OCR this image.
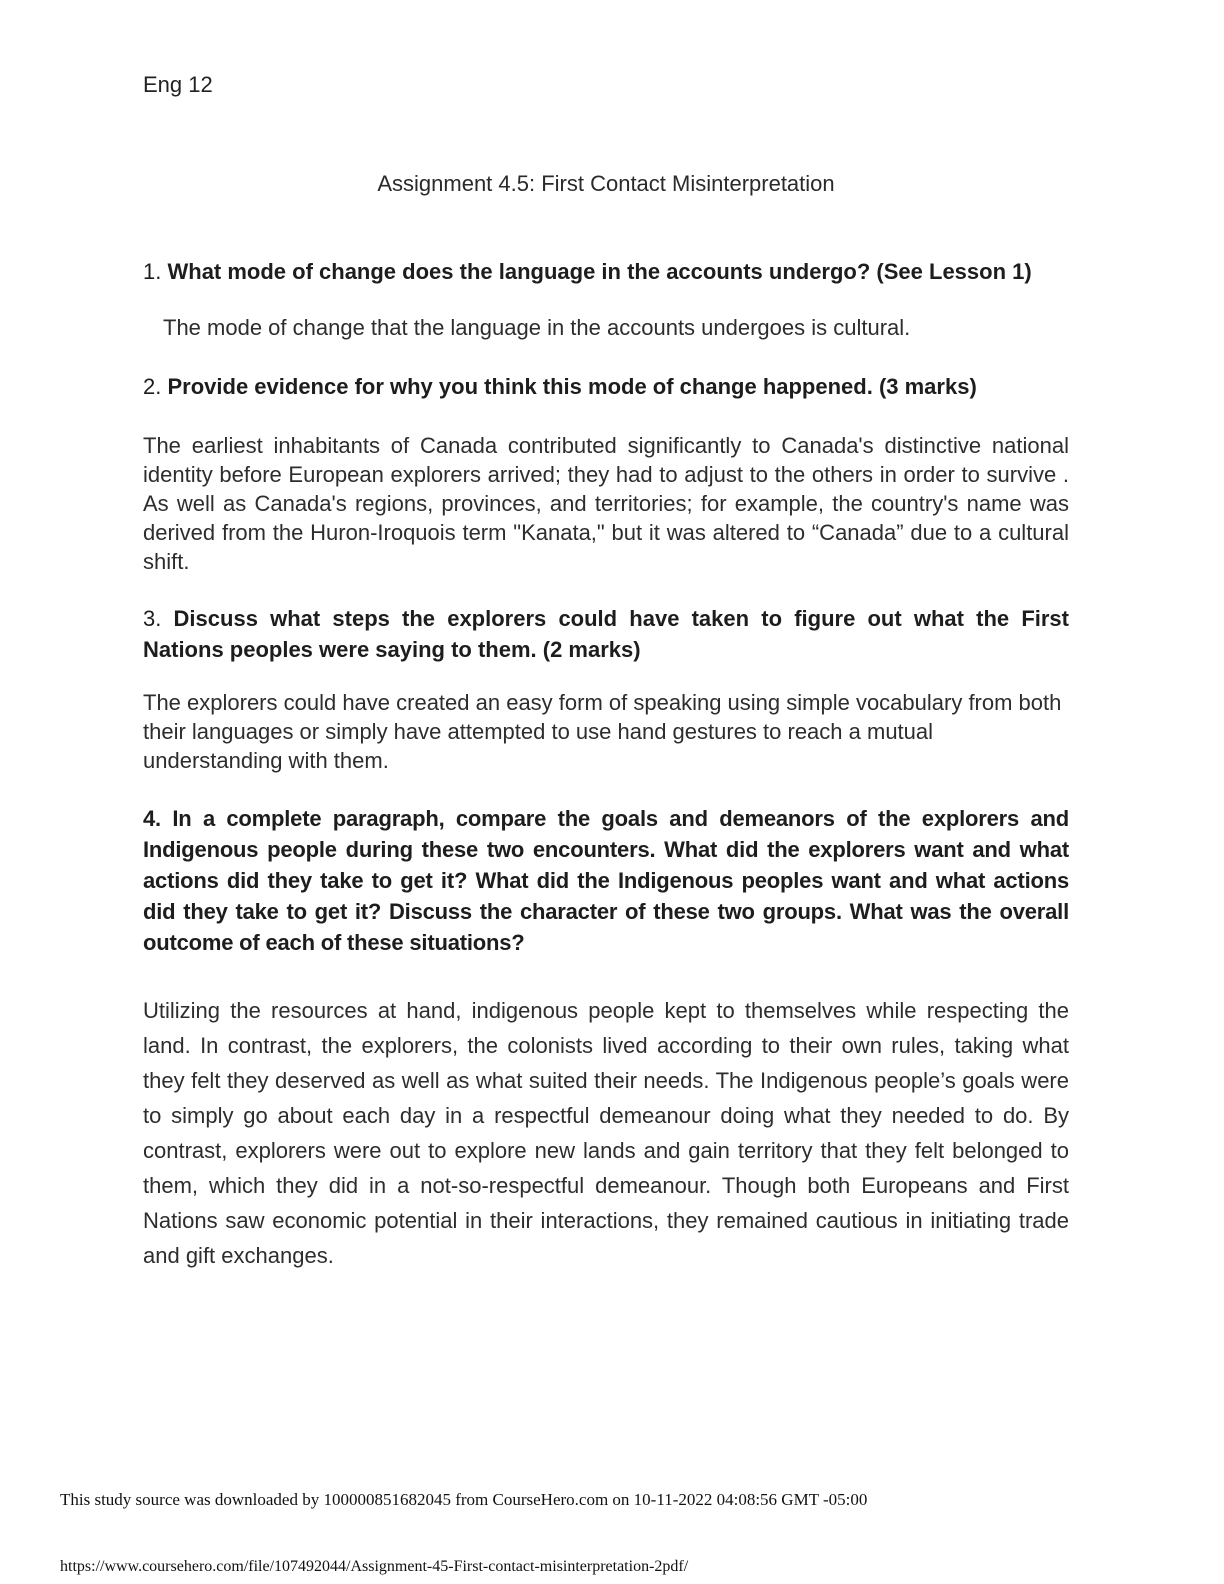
Eng 12
Assignment 4.5: First Contact Misinterpretation
1. What mode of change does the language in the accounts undergo? (See Lesson 1)
The mode of change that the language in the accounts undergoes is cultural.
2. Provide evidence for why you think this mode of change happened. (3 marks)
The earliest inhabitants of Canada contributed significantly to Canada's distinctive national identity before European explorers arrived; they had to adjust to the others in order to survive . As well as Canada's regions, provinces, and territories; for example, the country's name was derived from the Huron-Iroquois term "Kanata," but it was altered to “Canada” due to a cultural shift.
3. Discuss what steps the explorers could have taken to figure out what the First Nations peoples were saying to them. (2 marks)
The explorers could have created an easy form of speaking using simple vocabulary from both their languages or simply have attempted to use hand gestures to reach a mutual understanding with them.
4. In a complete paragraph, compare the goals and demeanors of the explorers and Indigenous people during these two encounters. What did the explorers want and what actions did they take to get it? What did the Indigenous peoples want and what actions did they take to get it? Discuss the character of these two groups. What was the overall outcome of each of these situations?
Utilizing the resources at hand, indigenous people kept to themselves while respecting the land. In contrast, the explorers, the colonists lived according to their own rules, taking what they felt they deserved as well as what suited their needs. The Indigenous people’s goals were to simply go about each day in a respectful demeanour doing what they needed to do. By contrast, explorers were out to explore new lands and gain territory that they felt belonged to them, which they did in a not-so-respectful demeanour. Though both Europeans and First Nations saw economic potential in their interactions, they remained cautious in initiating trade and gift exchanges.
This study source was downloaded by 100000851682045 from CourseHero.com on 10-11-2022 04:08:56 GMT -05:00
https://www.coursehero.com/file/107492044/Assignment-45-First-contact-misinterpretation-2pdf/
